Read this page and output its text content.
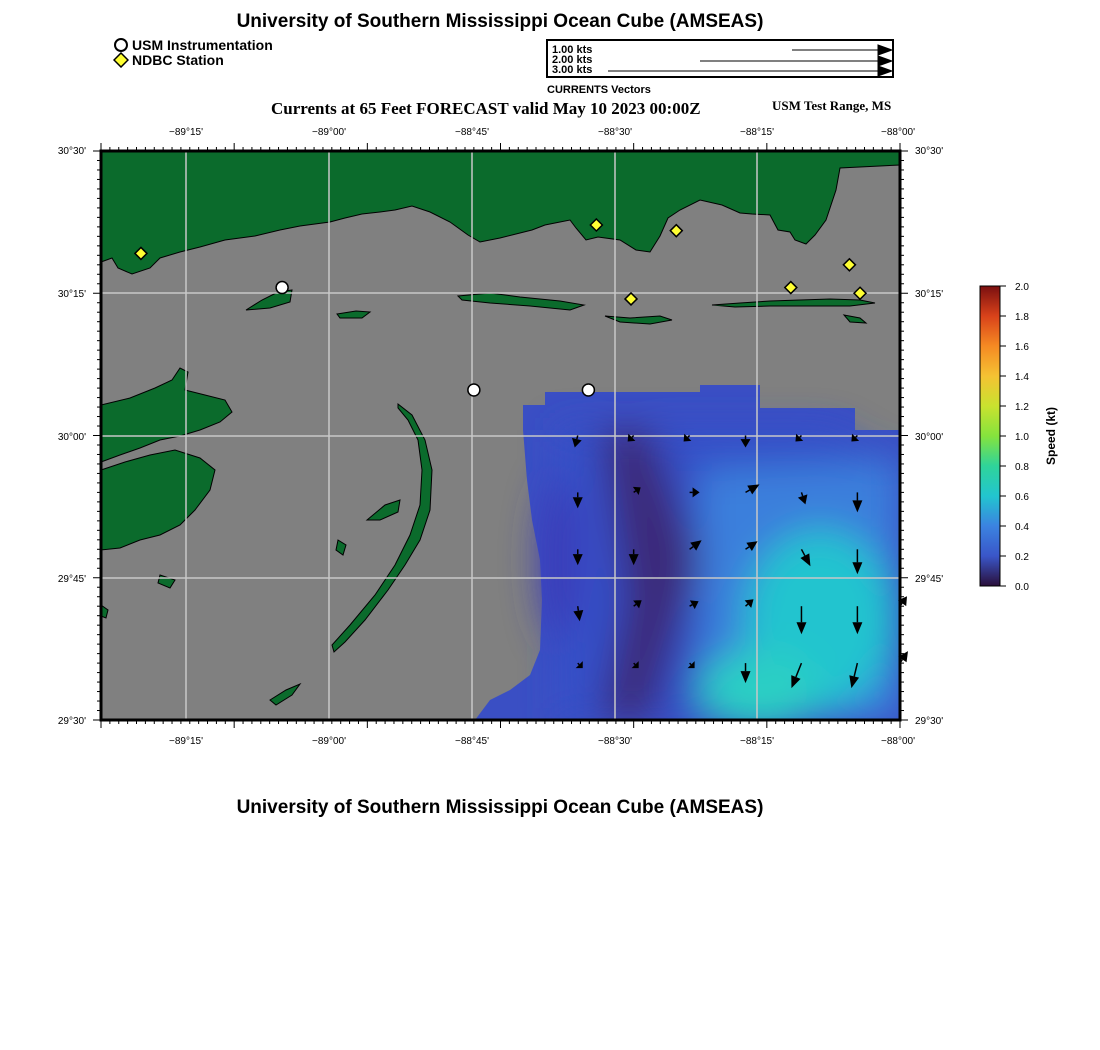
University of Southern Mississippi Ocean Cube (AMSEAS)
USM Instrumentation
NDBC Station
1.00 kts
2.00 kts
3.00 kts
CURRENTS Vectors
Currents at 65 Feet FORECAST valid May 10 2023 00:00Z	USM Test Range, MS
−89°15'	−89°00'	−88°45'	−88°30'	−88°15'	−88°00'
−89°15'	−89°00'	−88°45'	−88°30'	−88°15'	−88°00'
30°30'
30°15'
30°00'
29°45'
29°30'
30°30'
30°15'
30°00'
29°45'
29°30'
2.0
1.8
1.6
1.4
1.2
1.0
0.8
0.6
0.4
0.2
0.0
Speed (kt)
University of Southern Mississippi Ocean Cube (AMSEAS)
